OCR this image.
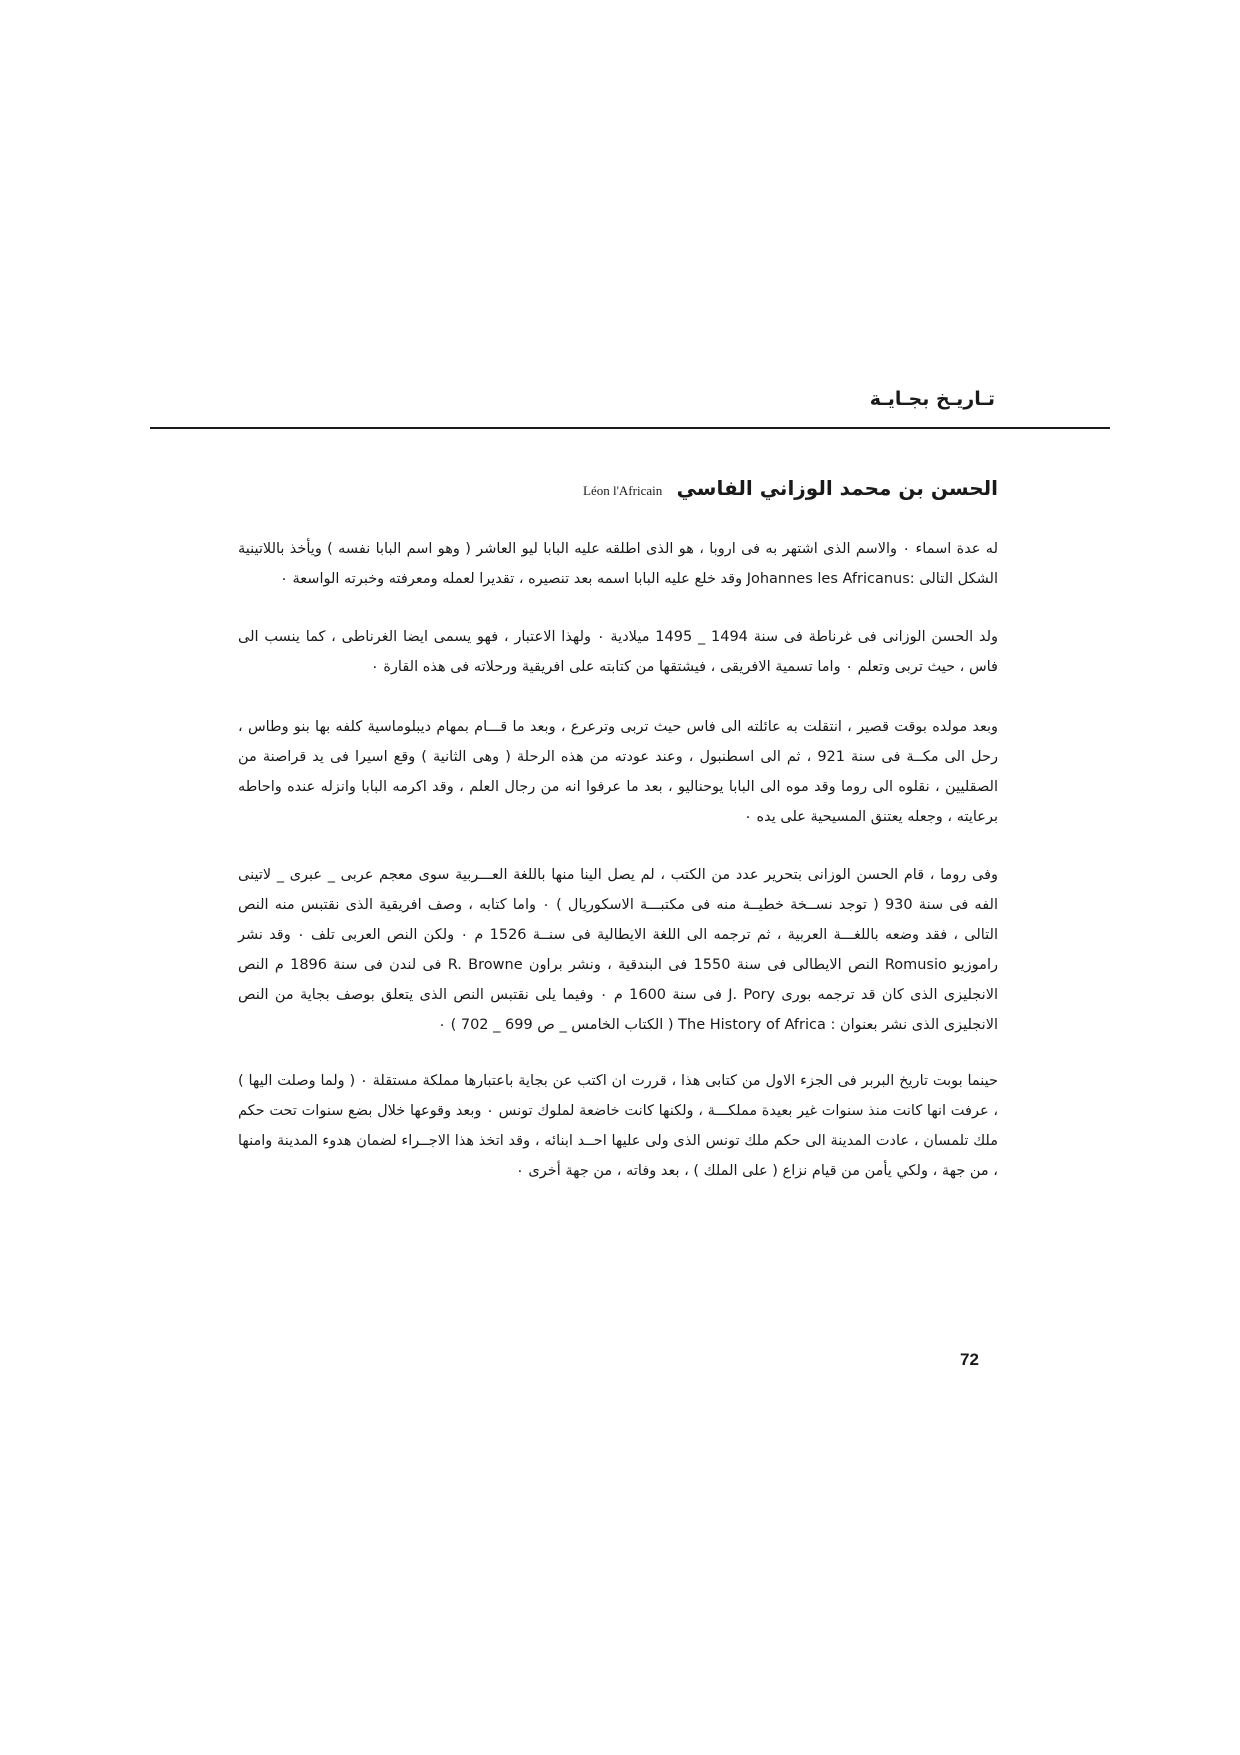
تـاريـخ بجـايـة
الحسن بن محمد الوزاني الفاسي
Léon l'Africain

له عدة اسماء ٠ والاسم الذى اشتهر به فى اروبا ، هو الذى اطلقه عليه البابا ليو العاشر ( وهو اسم البابا نفسه ) ويأخذ باللاتينية الشكل التالى :Johannes les Africanus وقد خلع عليه البابا اسمه بعد تنصيره ، تقديرا لعمله ومعرفته وخبرته الواسعة ٠

ولد الحسن الوزانى فى غرناطة فى سنة 1494 _ 1495 ميلادية ٠ ولهذا الاعتبار ، فهو يسمى ايضا الغرناطى ، كما ينسب الى فاس ، حيث تربى وتعلم ٠ واما تسمية الافريقى ، فيشتقها من كتابته على افريقية ورحلاته فى هذه القارة ٠

وبعد مولده بوقت قصير ، انتقلت به عائلته الى فاس حيث تربى وترعرع ، وبعد ما قـــام بمهام ديبلوماسية كلفه بها بنو وطاس ، رحل الى مكــة فى سنة 921 ، ثم الى اسطنبول ، وعند عودته من هذه الرحلة ( وهى الثانية ) وقع اسيرا فى يد قراصنة من الصقليين ، نقلوه الى روما وقد موه الى البابا يوحناليو ، بعد ما عرفوا انه من رجال العلم ، وقد اكرمه البابا وانزله عنده واحاطه برعايته ، وجعله يعتنق المسيحية على يده ٠

وفى روما ، قام الحسن الوزانى بتحرير عدد من الكتب ، لم يصل الينا منها باللغة العـــربية سوى معجم عربى _ عبرى _ لاتينى الفه فى سنة 930 ( توجد نســخة خطيــة منه فى مكتبـــة الاسكوريال ) ٠ واما كتابه ، وصف افريقية الذى نقتبس منه النص التالى ، فقد وضعه باللغـــة العربية ، ثم ترجمه الى اللغة الايطالية فى سنــة 1526 م ٠ ولكن النص العربى تلف ٠ وقد نشر راموزيو Romusio النص الايطالى فى سنة 1550 فى البندقية ، ونشر براون R. Browne فى لندن فى سنة 1896 م النص الانجليزى الذى كان قد ترجمه بورى J. Pory فى سنة 1600 م ٠ وفيما يلى نقتبس النص الذى يتعلق بوصف بجاية من النص الانجليزى الذى نشر بعنوان : The History of Africa ( الكتاب الخامس _ ص 699 _ 702 ) ٠

حينما بوبت تاريخ البربر فى الجزء الاول من كتابى هذا ، قررت ان اكتب عن بجاية باعتبارها مملكة مستقلة ٠ ( ولما وصلت اليها ) ، عرفت انها كانت منذ سنوات غير بعيدة مملكـــة ، ولكنها كانت خاضعة لملوك تونس ٠ وبعد وقوعها خلال بضع سنوات تحت حكم ملك تلمسان ، عادت المدينة الى حكم ملك تونس الذى ولى عليها احــد ابنائه ، وقد اتخذ هذا الاجــراء لضمان هدوء المدينة وامنها ، من جهة ، ولكي يأمن من قيام نزاع ( على الملك ) ، بعد وفاته ، من جهة أخرى ٠

72
